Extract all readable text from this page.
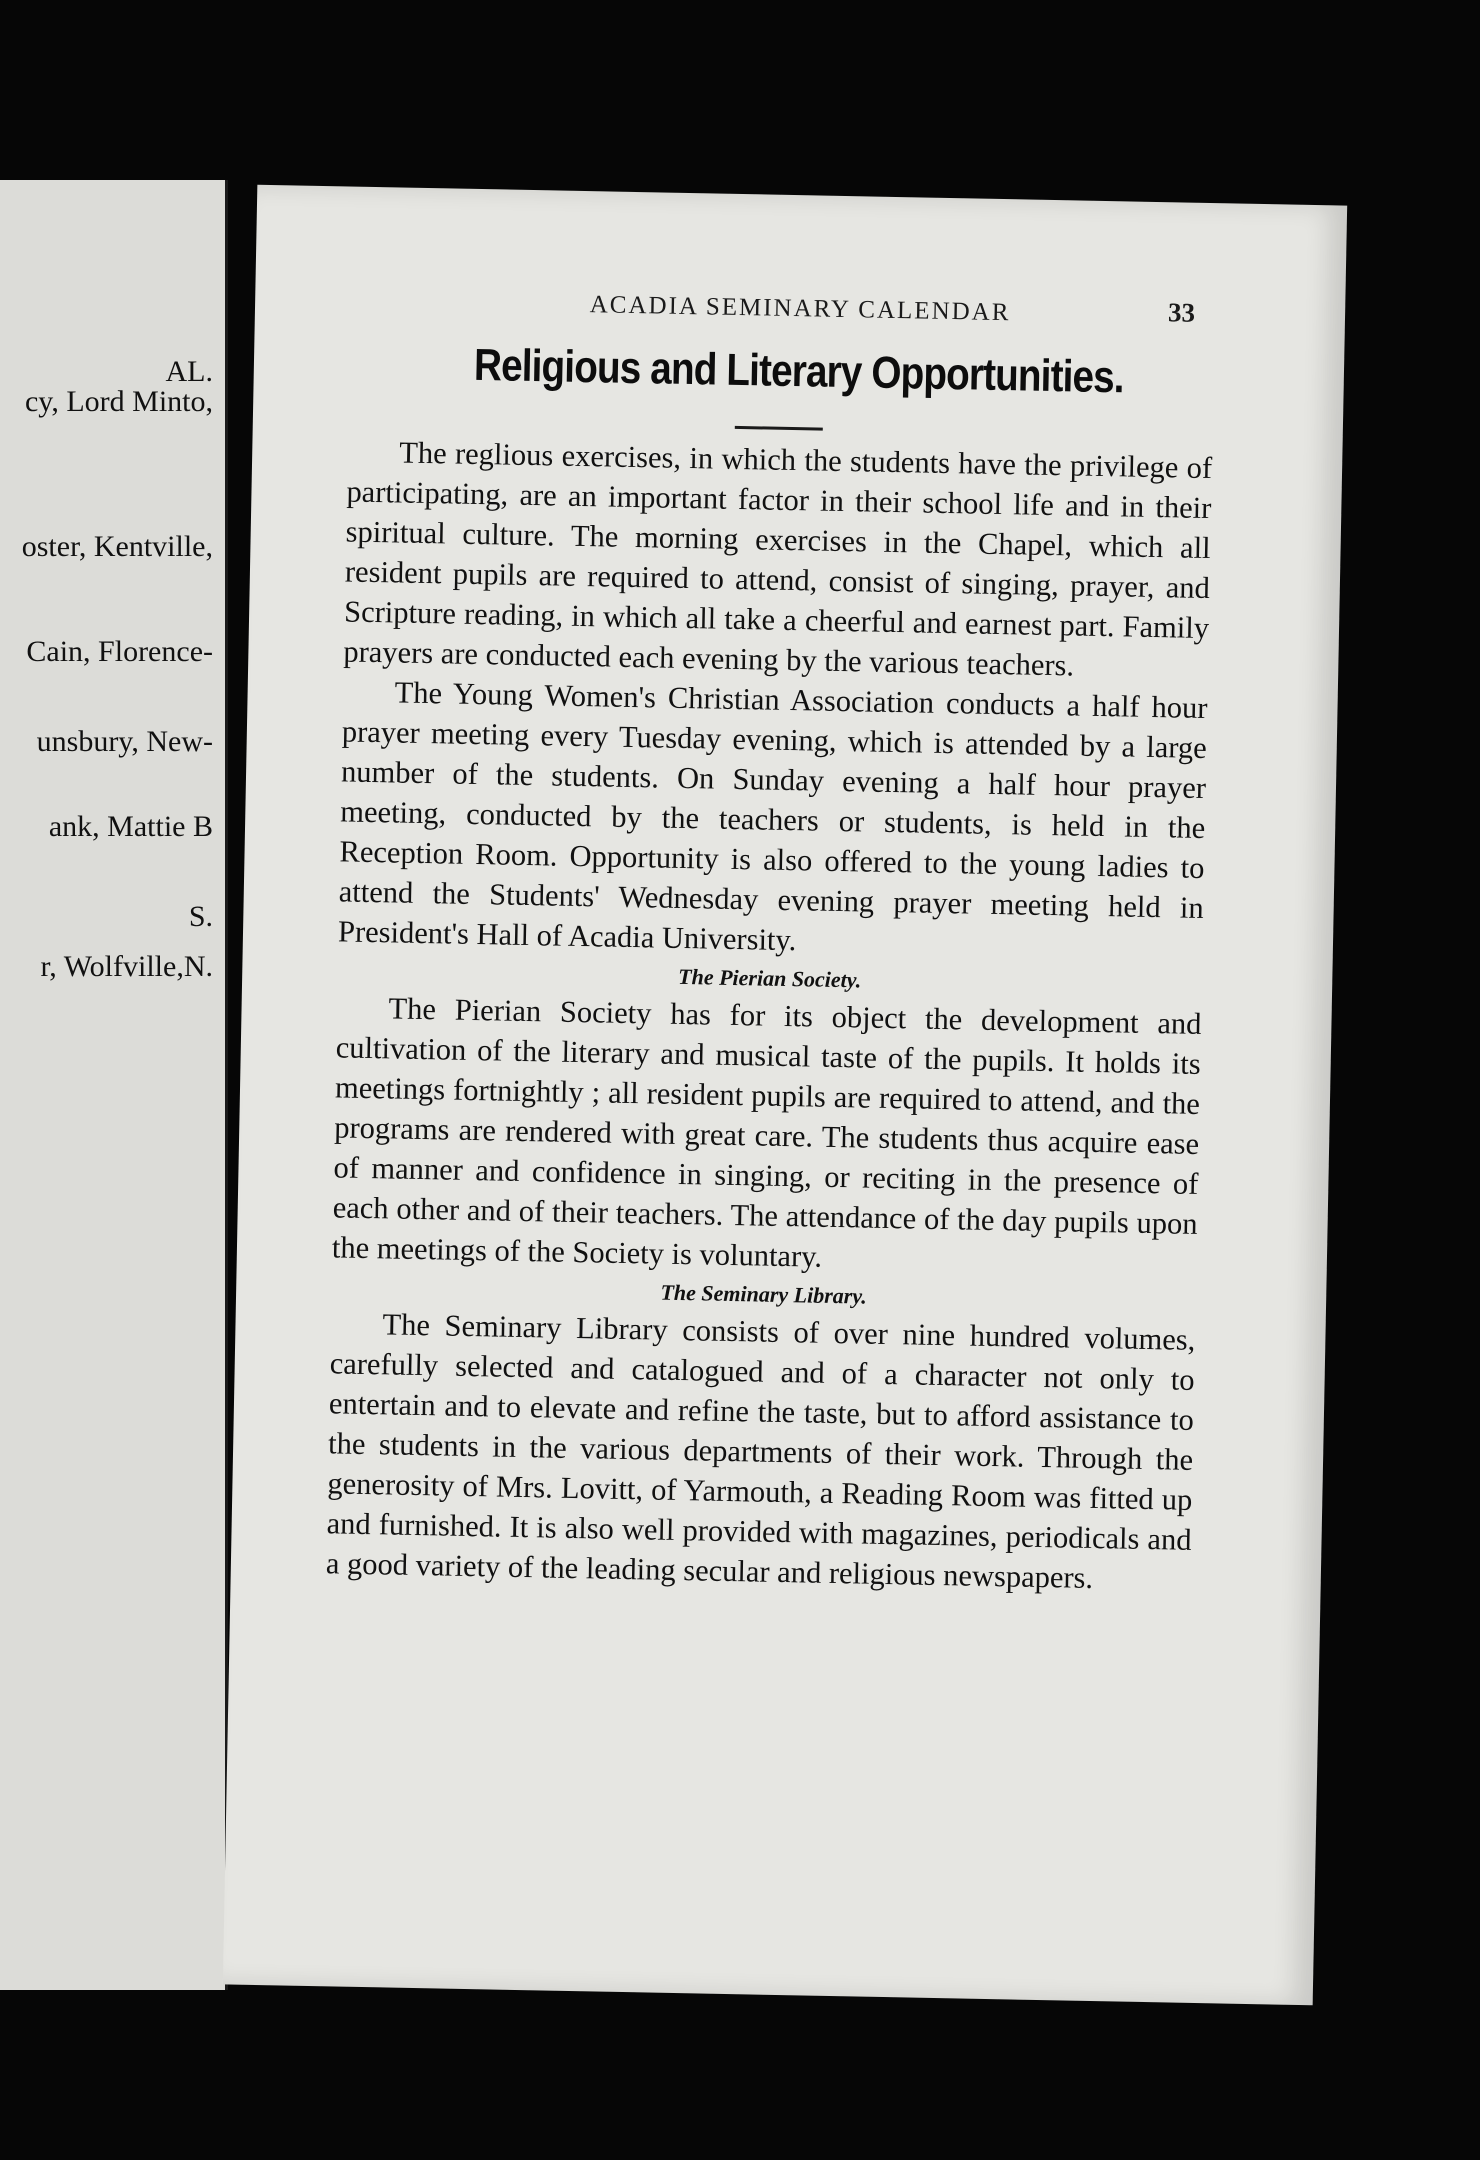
AL.
cy, Lord Minto,
oster, Kentville,
Cain, Florence-
unsbury, New-
ank, Mattie B
S.
r, Wolfville,N.
ACADIA SEMINARY CALENDAR	33
Religious and Literary Opportunities.

The reglious exercises, in which the students have the privilege of participating, are an important factor in their school life and in their spiritual culture. The morning exercises in the Chapel, which all resident pupils are required to attend, consist of singing, prayer, and Scripture reading, in which all take a cheerful and earnest part. Family prayers are conducted each evening by the various teachers.

The Young Women's Christian Association conducts a half hour prayer meeting every Tuesday evening, which is attended by a large number of the students. On Sunday evening a half hour prayer meeting, conducted by the teachers or students, is held in the Reception Room. Opportunity is also offered to the young ladies to attend the Students' Wednesday evening prayer meeting held in President's Hall of Acadia University.

The Pierian Society.

The Pierian Society has for its object the development and cultivation of the literary and musical taste of the pupils. It holds its meetings fortnightly ; all resident pupils are required to attend, and the programs are rendered with great care. The students thus acquire ease of manner and confidence in singing, or reciting in the presence of each other and of their teachers. The attendance of the day pupils upon the meetings of the Society is voluntary.

The Seminary Library.

The Seminary Library consists of over nine hundred volumes, carefully selected and catalogued and of a character not only to entertain and to elevate and refine the taste, but to afford assistance to the students in the various departments of their work. Through the generosity of Mrs. Lovitt, of Yarmouth, a Reading Room was fitted up and furnished. It is also well provided with magazines, periodicals and a good variety of the leading secular and religious newspapers.
